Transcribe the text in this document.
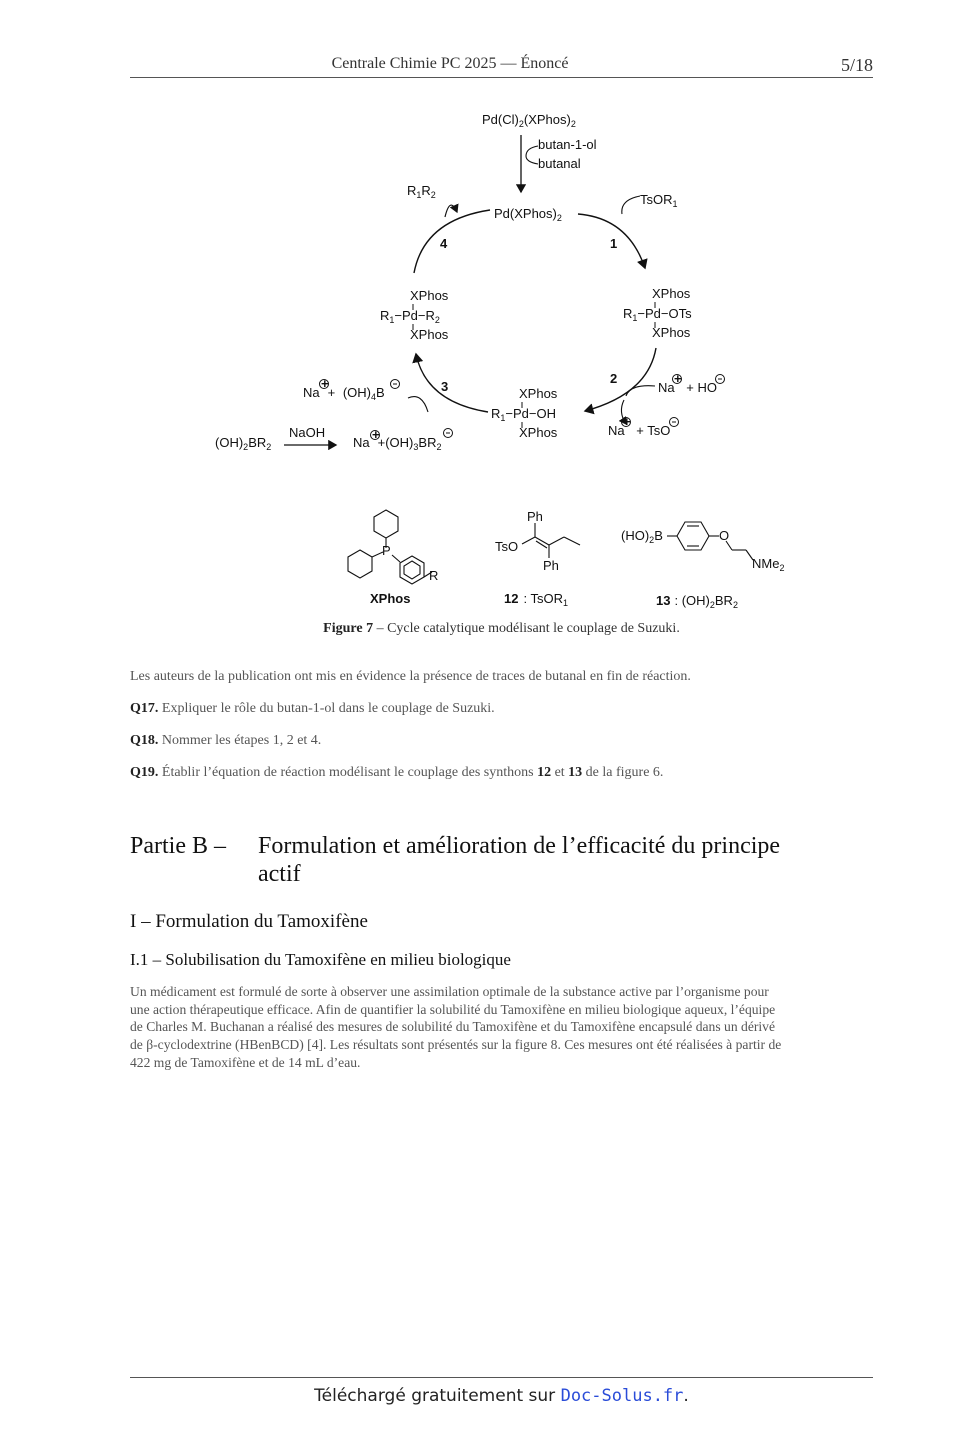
Centrale Chimie PC 2025 — Énoncé	5/18
$Pd(Cl)_2(XPhos)_2$
butan-1-ol
butanal
$Pd(XPhos)_2$
$R_1R_2$	TsOR$_1$
1
2
3
4
XPhos
$R_1-Pd-OTs$
XPhos
XPhos
$R_1-Pd-OH$
XPhos
XPhos
$R_1-Pd-R_2$
XPhos
Na + HO
+
Na + TsO
+
$Na + (OH)_4B$
+
$(OH)_2BR_2$
NaOH
$Na +(OH)_3BR_2$
+
P
R
XPhos
Ph
TsO
Ph
12 : TsOR$_1$
$(HO)_2B$	O
NMe$_2$
13 : $(OH)_2BR_2$
Figure 7 – Cycle catalytique modélisant le couplage de Suzuki.
Les auteurs de la publication ont mis en évidence la présence de traces de butanal en fin de réaction.
Q17. Expliquer le rôle du butan-1-ol dans le couplage de Suzuki.
Q18. Nommer les étapes 1, 2 et 4.
Q19. Établir l’équation de réaction modélisant le couplage des synthons 12 et 13 de la figure 6.
Partie B – Formulation et amélioration de l’efficacité du principe
actif
I – Formulation du Tamoxifène
I.1 – Solubilisation du Tamoxifène en milieu biologique
Un médicament est formulé de sorte à observer une assimilation optimale de la substance active par l’organisme pour
une action thérapeutique efficace. Afin de quantifier la solubilité du Tamoxifène en milieu biologique aqueux, l’équipe
de Charles M. Buchanan a réalisé des mesures de solubilité du Tamoxifène et du Tamoxifène encapsulé dans un dérivé
de β-cyclodextrine (HBenBCD) [4]. Les résultats sont présentés sur la figure 8. Ces mesures ont été réalisées à partir de
422 mg de Tamoxifène et de 14 mL d’eau.
Téléchargé gratuitement sur Doc-Solus.fr.
